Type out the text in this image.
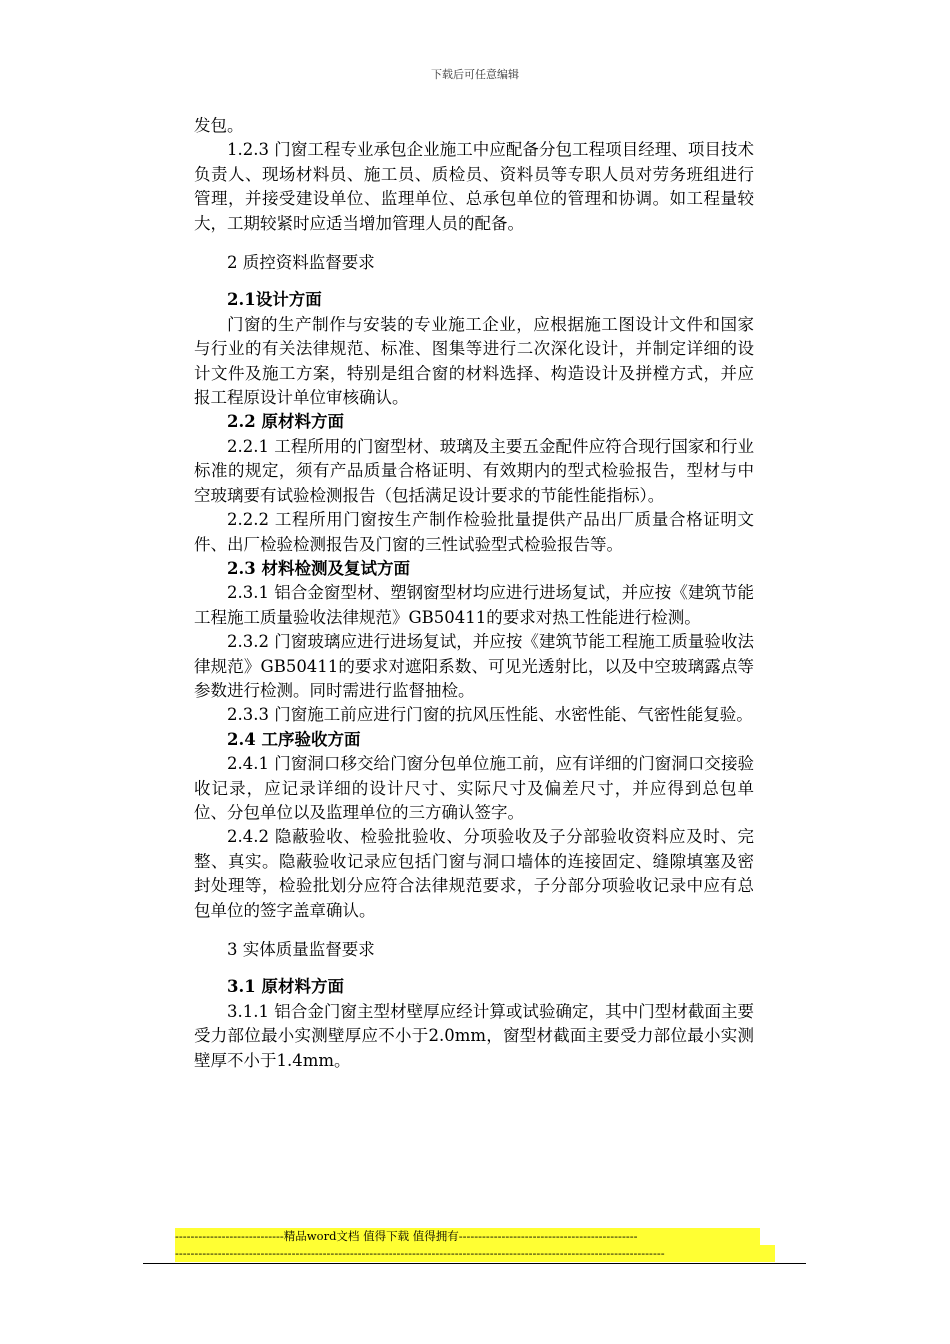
下载后可任意编辑

发包。

1.2.3 门窗工程专业承包企业施工中应配备分包工程项目经理、项目技术负责人、现场材料员、施工员、质检员、资料员等专职人员对劳务班组进行管理，并接受建设单位、监理单位、总承包单位的管理和协调。如工程量较大，工期较紧时应适当增加管理人员的配备。

2 质控资料监督要求

2.1设计方面

门窗的生产制作与安装的专业施工企业，应根据施工图设计文件和国家与行业的有关法律规范、标准、图集等进行二次深化设计，并制定详细的设计文件及施工方案，特别是组合窗的材料选择、构造设计及拼樘方式，并应报工程原设计单位审核确认。

2.2 原材料方面

2.2.1 工程所用的门窗型材、玻璃及主要五金配件应符合现行国家和行业标准的规定，须有产品质量合格证明、有效期内的型式检验报告，型材与中空玻璃要有试验检测报告（包括满足设计要求的节能性能指标）。

2.2.2 工程所用门窗按生产制作检验批量提供产品出厂质量合格证明文件、出厂检验检测报告及门窗的三性试验型式检验报告等。

2.3 材料检测及复试方面

2.3.1 铝合金窗型材、塑钢窗型材均应进行进场复试，并应按《建筑节能工程施工质量验收法律规范》GB50411的要求对热工性能进行检测。

2.3.2 门窗玻璃应进行进场复试，并应按《建筑节能工程施工质量验收法律规范》GB50411的要求对遮阳系数、可见光透射比，以及中空玻璃露点等参数进行检测。同时需进行监督抽检。

2.3.3 门窗施工前应进行门窗的抗风压性能、水密性能、气密性能复验。

2.4 工序验收方面

2.4.1 门窗洞口移交给门窗分包单位施工前，应有详细的门窗洞口交接验收记录，应记录详细的设计尺寸、实际尺寸及偏差尺寸，并应得到总包单位、分包单位以及监理单位的三方确认签字。

2.4.2 隐蔽验收、检验批验收、分项验收及子分部验收资料应及时、完整、真实。隐蔽验收记录应包括门窗与洞口墙体的连接固定、缝隙填塞及密封处理等，检验批划分应符合法律规范要求，子分部分项验收记录中应有总包单位的签字盖章确认。

3 实体质量监督要求

3.1 原材料方面

3.1.1 铝合金门窗主型材壁厚应经计算或试验确定，其中门型材截面主要受力部位最小实测壁厚应不小于2.0mm，窗型材截面主要受力部位最小实测壁厚不小于1.4mm。

----------------------------精品word文档 值得下载 值得拥有----------------------------------------------
------------------------------------------------------------------------------------------------------------------------------
